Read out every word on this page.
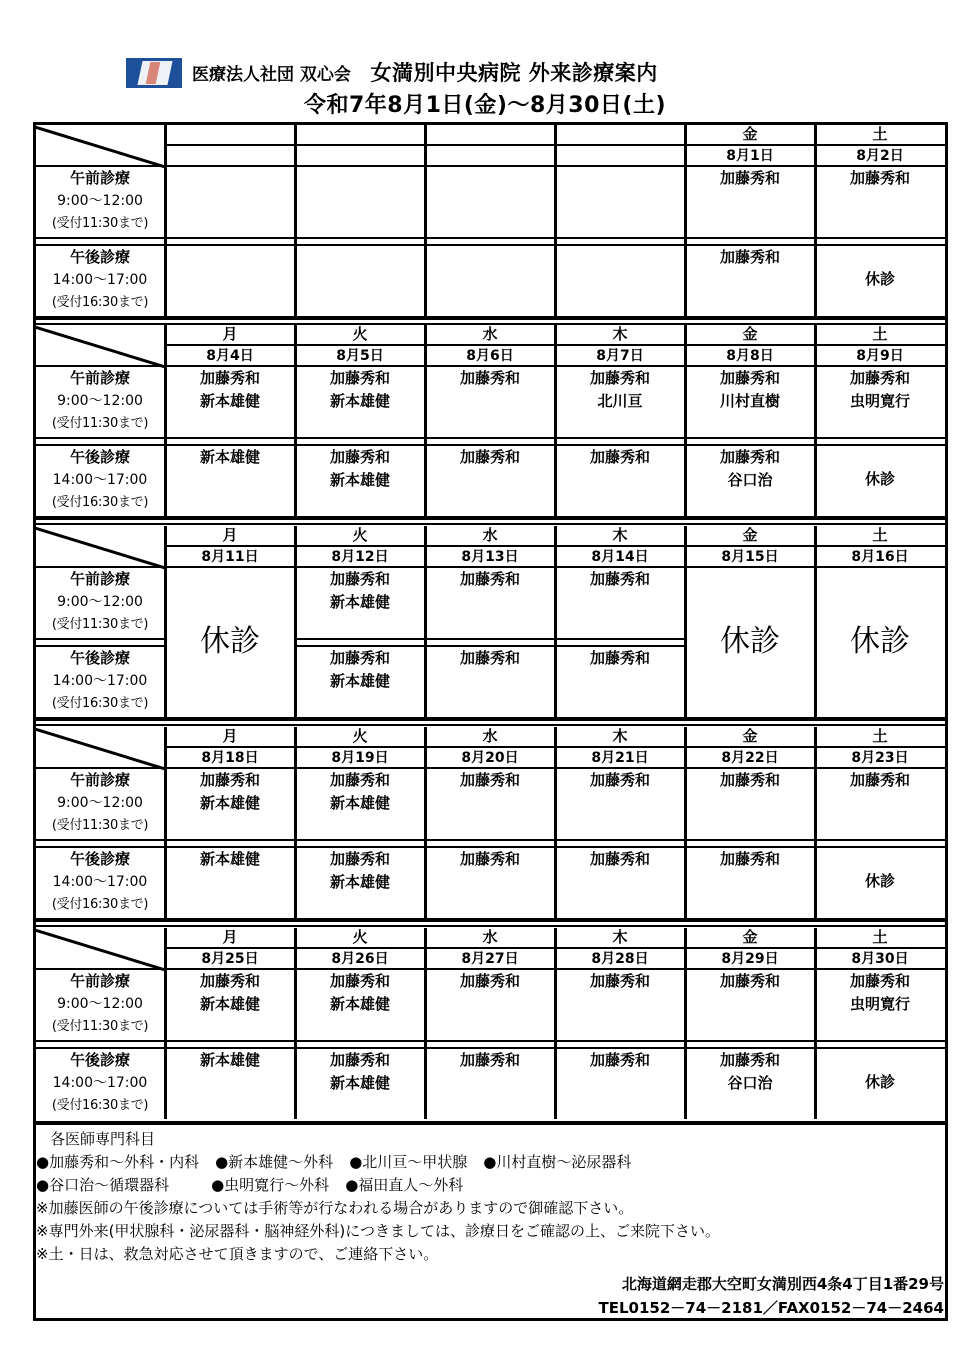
医療法人社団 双心会 女満別中央病院 外来診療案内
令和7年8月1日(金)～8月30日(土)
午前診療
9:00～12:00
(受付11:30まで)
午後診療
14:00～17:00
(受付16:30まで)
金
8月1日
加藤秀和
加藤秀和
土
8月2日
加藤秀和
休診
午前診療
9:00～12:00
(受付11:30まで)
午後診療
14:00～17:00
(受付16:30まで)
月
8月4日
加藤秀和
新本雄健
新本雄健
火
8月5日
加藤秀和
新本雄健
加藤秀和
新本雄健
水
8月6日
加藤秀和
加藤秀和
木
8月7日
加藤秀和
北川亘
加藤秀和
金
8月8日
加藤秀和
川村直樹
加藤秀和
谷口治
土
8月9日
加藤秀和
虫明寛行
休診
午前診療
9:00～12:00
(受付11:30まで)
午後診療
14:00～17:00
(受付16:30まで)
月
8月11日
休診
火
8月12日
加藤秀和
新本雄健
加藤秀和
新本雄健
水
8月13日
加藤秀和
加藤秀和
木
8月14日
加藤秀和
加藤秀和
金
8月15日
休診
土
8月16日
休診
午前診療
9:00～12:00
(受付11:30まで)
午後診療
14:00～17:00
(受付16:30まで)
月
8月18日
加藤秀和
新本雄健
新本雄健
火
8月19日
加藤秀和
新本雄健
加藤秀和
新本雄健
水
8月20日
加藤秀和
加藤秀和
木
8月21日
加藤秀和
加藤秀和
金
8月22日
加藤秀和
加藤秀和
土
8月23日
加藤秀和
休診
午前診療
9:00～12:00
(受付11:30まで)
午後診療
14:00～17:00
(受付16:30まで)
月
8月25日
加藤秀和
新本雄健
新本雄健
火
8月26日
加藤秀和
新本雄健
加藤秀和
新本雄健
水
8月27日
加藤秀和
加藤秀和
木
8月28日
加藤秀和
加藤秀和
金
8月29日
加藤秀和
加藤秀和
谷口治
土
8月30日
加藤秀和
虫明寛行
休診
各医師専門科目
●加藤秀和～外科・内科 ●新本雄健～外科 ●北川亘～甲状腺 ●川村直樹～泌尿器科
●谷口治～循環器科	●虫明寛行～外科 ●福田直人～外科
※加藤医師の午後診療については手術等が行なわれる場合がありますので御確認下さい。
※専門外来(甲状腺科・泌尿器科・脳神経外科)につきましては、診療日をご確認の上、ご来院下さい。
※土・日は、救急対応させて頂きますので、ご連絡下さい。
北海道網走郡大空町女満別西4条4丁目1番29号
TEL0152－74－2181／FAX0152－74－2464
